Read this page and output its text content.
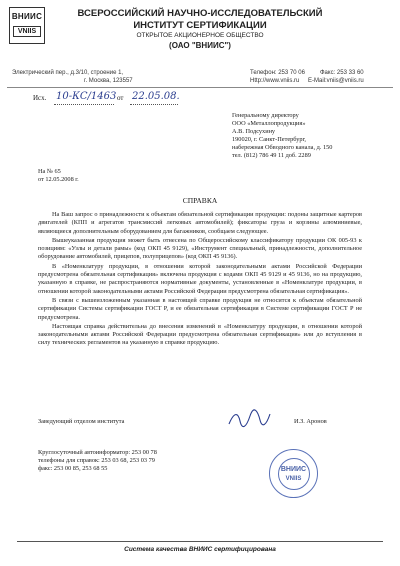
ВНИИС
VNIIS
ВСЕРОССИЙСКИЙ НАУЧНО-ИССЛЕДОВАТЕЛЬСКИЙ
ИНСТИТУТ СЕРТИФИКАЦИИ
ОТКРЫТОЕ АКЦИОНЕРНОЕ ОБЩЕСТВО
(ОАО "ВНИИС")
Электрический пер., д.3/10, строение 1,
г. Москва, 123557
Телефон: 253 70 06	Факс: 253 33 60
Http://www.vniis.ru E-Mail:vniis@vniis.ru
Исх. 10-КС/1463 от 22.05.08.
Генеральному директору
ООО «Металлопродукция»
А.В. Подсухину
190020, г. Санкт-Петербург,
набережная Обводного канала, д. 150
тел. (812) 786 49 11 доб. 2289
На № 65
от 12.05.2008 г.
СПРАВКА

На Ваш запрос о принадлежности к объектам обязательной сертификации продукции: подоны защитные картеров двигателей (КПП и агрегатов трансмиссий легковых автомобилей); фиксаторы груза и корзины алюминиевые, являющиеся дополнительным оборудованием для багажников, сообщаем следующее.

Вышеуказанная продукция может быть отнесена по Общероссийскому классификатору продукции ОК 005-93 к позициям: «Узлы и детали рамы» (код ОКП 45 9129), «Инструмент специальный, принадлежности, дополнительное оборудование автомобилей, прицепов, полуприцепов» (код ОКП 45 9136).

В «Номенклатуру продукции, в отношении которой законодательными актами Российской Федерации предусмотрена обязательная сертификация» включена продукция с кодами ОКП 45 9129 и 45 9136, но на продукцию, указанную в справке, не распространяются нормативные документы, установленные в «Номенклатуре продукции, в отношении которой законодательными актами Российской Федерации предусмотрена обязательная сертификация».

В связи с вышеизложенным указанная в настоящей справке продукция не относится к объектам обязательной сертификации Системы сертификации ГОСТ Р, и ее обязательная сертификация в Системе сертификации ГОСТ Р не предусмотрена.

Настоящая справка действительна до внесения изменений в «Номенклатуру продукции, в отношении которой законодательными актами Российской Федерации предусмотрена обязательная сертификация» или до вступления в силу технических регламентов на указанную в справке продукцию.

Заведующий отделом института	И.З. Аронов
Круглосуточный автоинформатор: 253 00 78
телефоны для справок: 253 03 68, 253 03 79
факс: 253 00 85, 253 68 55	ВНИИС
VNIIS
Система качества ВНИИС сертифицирована
